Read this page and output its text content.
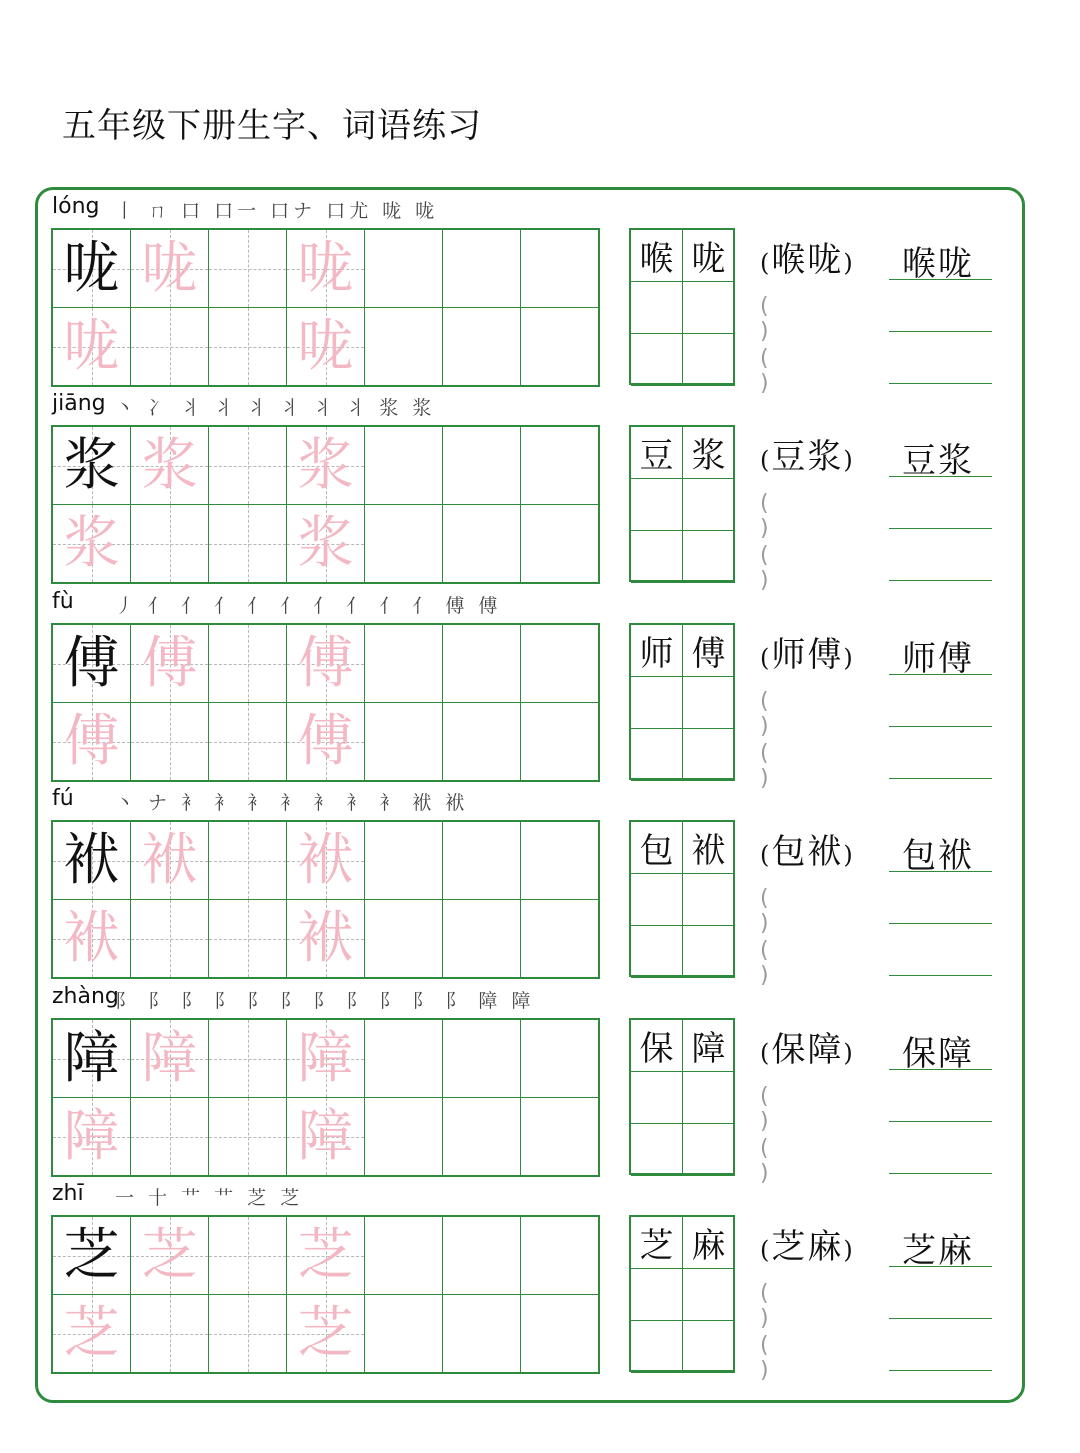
五年级下册生字、词语练习
lóng 丨 ㄇ 口 口一 口ナ 口尤 咙 咙
咙 咙 咙
咙	咙
喉 咙	(喉咙)
()
()
喉咙
jiāng 丶 冫 丬 丬 丬 丬 丬 丬 浆 浆
浆 浆 浆
浆	浆
豆 浆	(豆浆)
()
()
豆浆
fù 丿 亻 亻 亻 亻 亻 亻 亻 亻 亻 傅 傅
傅 傅 傅
傅	傅
师 傅	(师傅)
()
()
师傅
fú 丶 ナ 衤 衤 衤 衤 衤 衤 衤 袱 袱
袱 袱 袱
袱	袱
包 袱	(包袱)
()
()
包袱
zhàng
阝 阝 阝 阝 阝 阝 阝 阝 阝 阝 阝 障 障
障 障 障
障	障
保 障	(保障)
()
()
保障
zhī 一 十 艹 艹 芝 芝
芝 芝 芝
芝	芝
芝 麻	(芝麻)
()
()
芝麻
